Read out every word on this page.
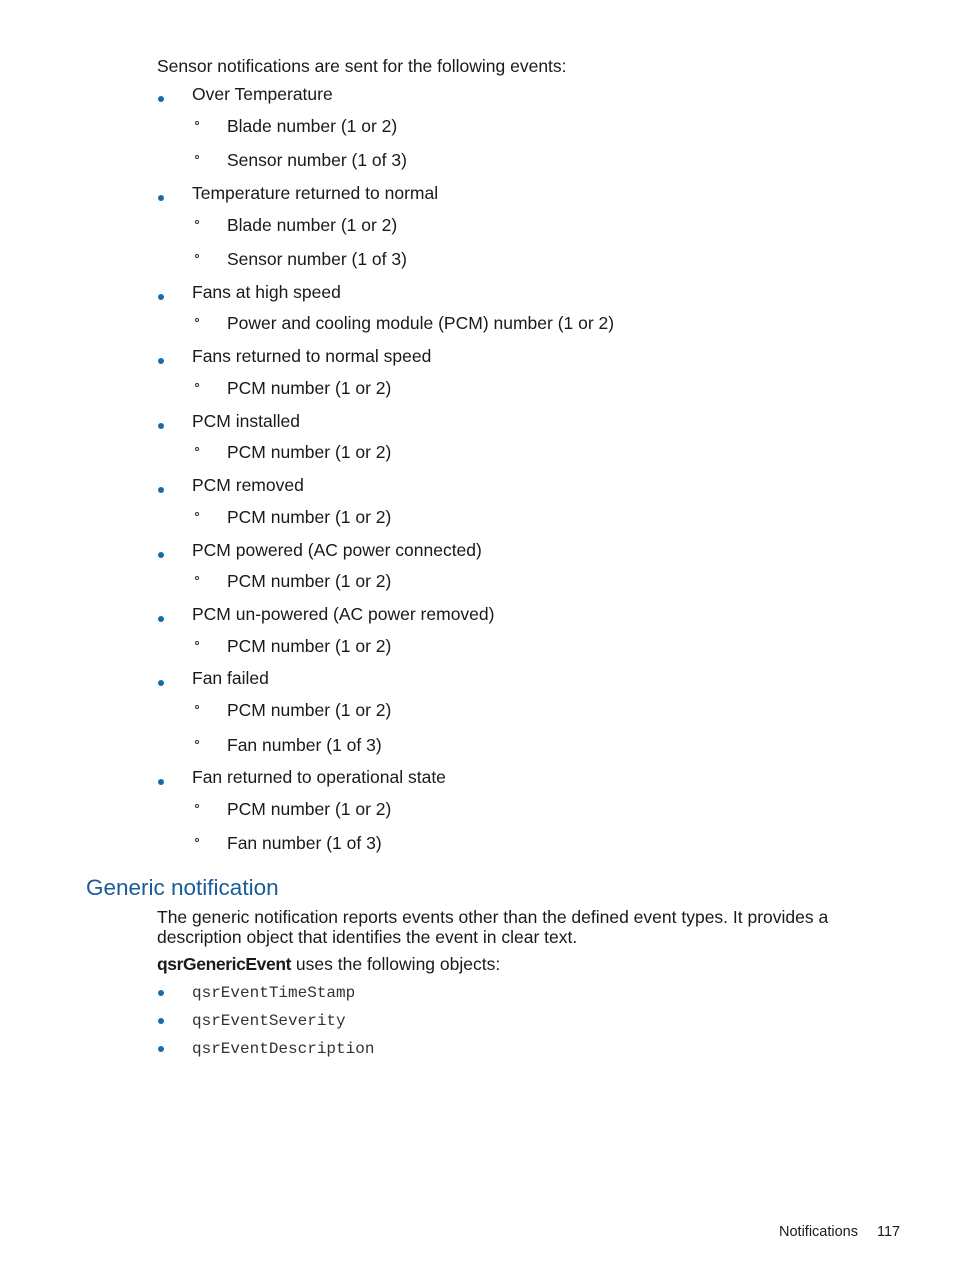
Sensor notifications are sent for the following events:
Over Temperature
Blade number (1 or 2)
Sensor number (1 of 3)
Temperature returned to normal
Blade number (1 or 2)
Sensor number (1 of 3)
Fans at high speed
Power and cooling module (PCM) number (1 or 2)
Fans returned to normal speed
PCM number (1 or 2)
PCM installed
PCM number (1 or 2)
PCM removed
PCM number (1 or 2)
PCM powered (AC power connected)
PCM number (1 or 2)
PCM un-powered (AC power removed)
PCM number (1 or 2)
Fan failed
PCM number (1 or 2)
Fan number (1 of 3)
Fan returned to operational state
PCM number (1 or 2)
Fan number (1 of 3)
Generic notification
The generic notification reports events other than the defined event types. It provides a description object that identifies the event in clear text.
qsrGenericEvent uses the following objects:
qsrEventTimeStamp
qsrEventSeverity
qsrEventDescription
Notifications 117
